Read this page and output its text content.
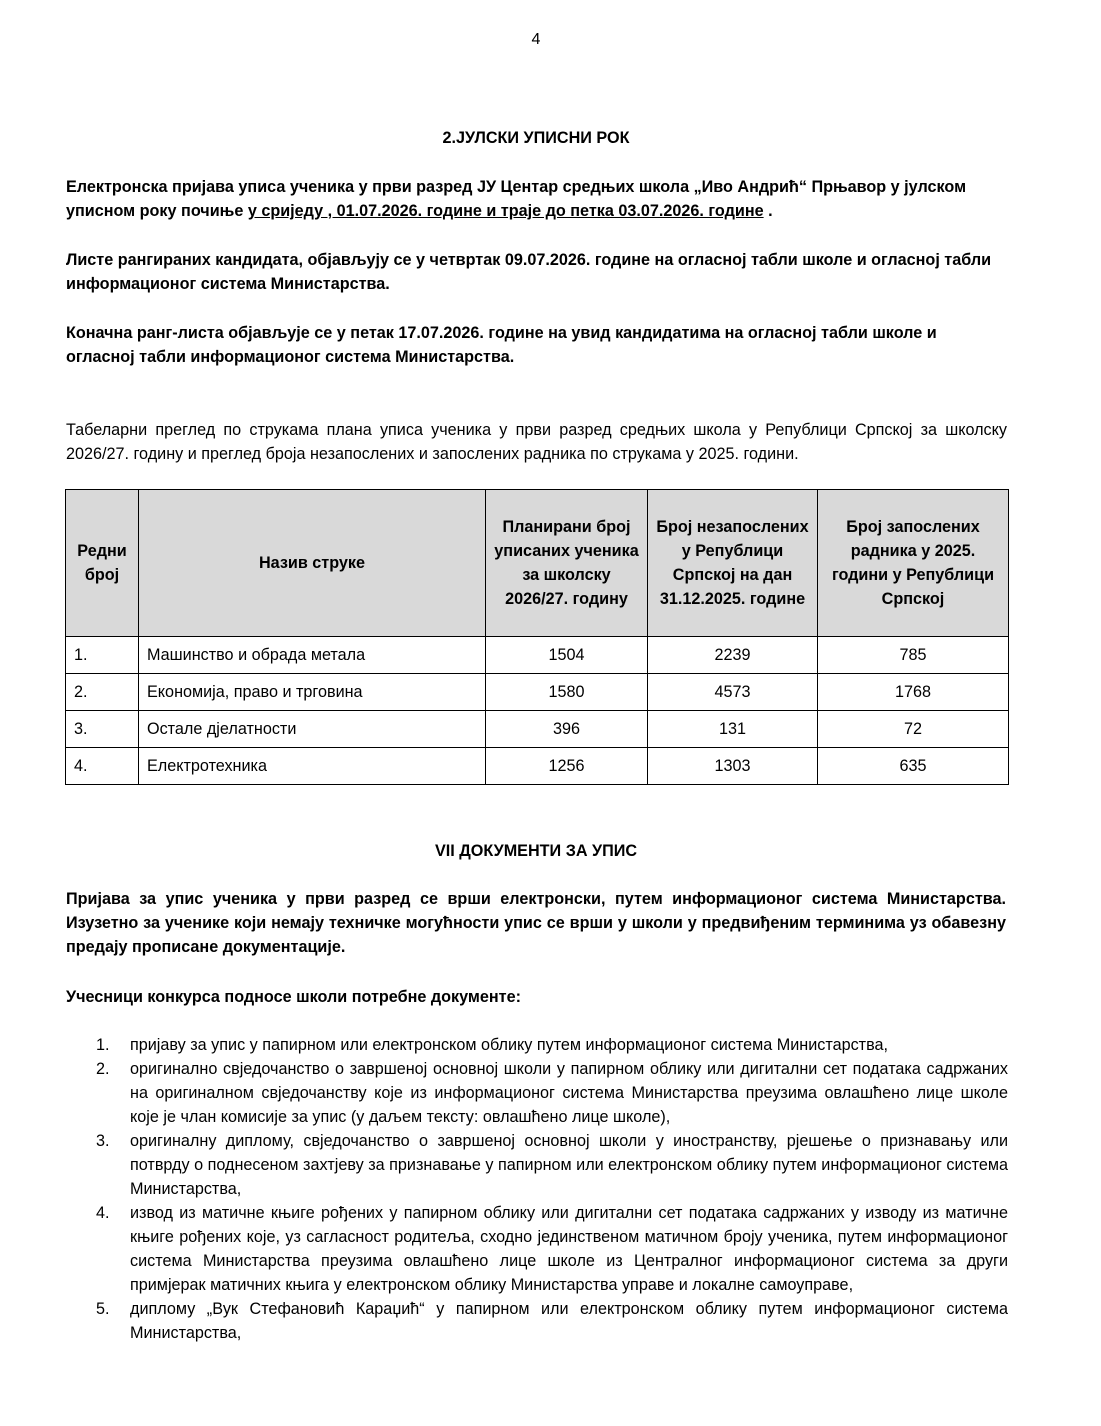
4
2.ЈУЛСКИ УПИСНИ РОК
Електронска пријава уписа ученика у први разред ЈУ Центар средњих школа „Иво Андрић“ Прњавор у јулском уписном року почиње у сриједу , 01.07.2026. године и траје до петка 03.07.2026. године .
Листе рангираних кандидата, објављују се у четвртак 09.07.2026. године на огласној табли школе и огласној табли информационог система Министарства.
Коначна ранг-листа објављује се у петак 17.07.2026. године на увид кандидатима на огласној табли школе и огласној табли информационог система Министарства.
Табеларни преглед по струкама плана уписа ученика у први разред средњих школа у Републици Српској за школску 2026/27. годину и преглед броја незапослених и запослених радника по струкама у 2025. години.
Редни број	Назив струке	Планирани број уписаних ученика за школску 2026/27. годину	Број незапослених у Републици Српској на дан 31.12.2025. године	Број запослених радника у 2025. години у Републици Српској
1.	Машинство и обрада метала	1504	2239	785
2.	Економија, право и трговина	1580	4573	1768
3.	Остале дјелатности	396	131	72
4.	Електротехника	1256	1303	635
VII ДОКУМЕНТИ ЗА УПИС
Пријава за упис ученика у први разред се врши електронски, путем информационог система Министарства. Изузетно за ученике који немају техничке могућности упис се врши у школи у предвиђеним терминима уз обавезну предају прописане документације.
Учесници конкурса подносе школи потребне документе:
1. пријаву за упис у папирном или електронском облику путем информационог система Министарства,
2. оригинално свједочанство о завршеној основној школи у папирном облику или дигитални сет података садржаних на оригиналном свједочанству које из информационог система Министарства преузима овлашћено лице школе које је члан комисије за упис (у даљем тексту: овлашћено лице школе),
3. оригиналну диплому, свједочанство о завршеној основној школи у иностранству, рјешење о признавању или потврду о поднесеном захтјеву за признавање у папирном или електронском облику путем информационог система Министарства,
4. извод из матичне књиге рођених у папирном облику или дигитални сет података садржаних у изводу из матичне књиге рођених које, уз сагласност родитеља, сходно јединственом матичном броју ученика, путем информационог система Министарства преузима овлашћено лице школе из Централног информационог система за други примјерак матичних књига у електронском облику Министарства управе и локалне самоуправе,
5. диплому „Вук Стефановић Караџић“ у папирном или електронском облику путем информационог система Министарства,
